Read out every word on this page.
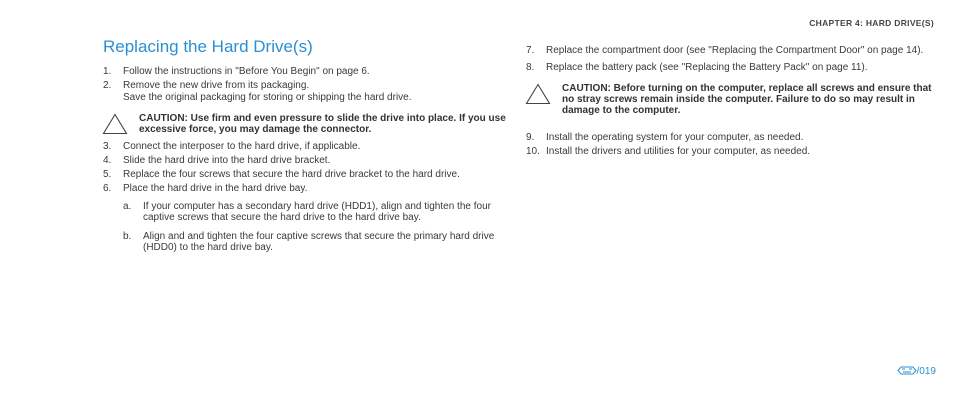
CHAPTER 4: HARD DRIVE(S)
Replacing the Hard Drive(s)
1. Follow the instructions in "Before You Begin" on page 6.
2. Remove the new drive from its packaging.
Save the original packaging for storing or shipping the hard drive.
CAUTION: Use firm and even pressure to slide the drive into place. If you use excessive force, you may damage the connector.
3. Connect the interposer to the hard drive, if applicable.
4. Slide the hard drive into the hard drive bracket.
5. Replace the four screws that secure the hard drive bracket to the hard drive.
6. Place the hard drive in the hard drive bay.
a. If your computer has a secondary hard drive (HDD1), align and tighten the four captive screws that secure the hard drive to the hard drive bay.
b. Align and and tighten the four captive screws that secure the primary hard drive (HDD0) to the hard drive bay.
7. Replace the compartment door (see "Replacing the Compartment Door" on page 14).
8. Replace the battery pack (see "Replacing the Battery Pack" on page 11).
CAUTION: Before turning on the computer, replace all screws and ensure that no stray screws remain inside the computer. Failure to do so may result in damage to the computer.
9. Install the operating system for your computer, as needed.
10. Install the drivers and utilities for your computer, as needed.
/019
